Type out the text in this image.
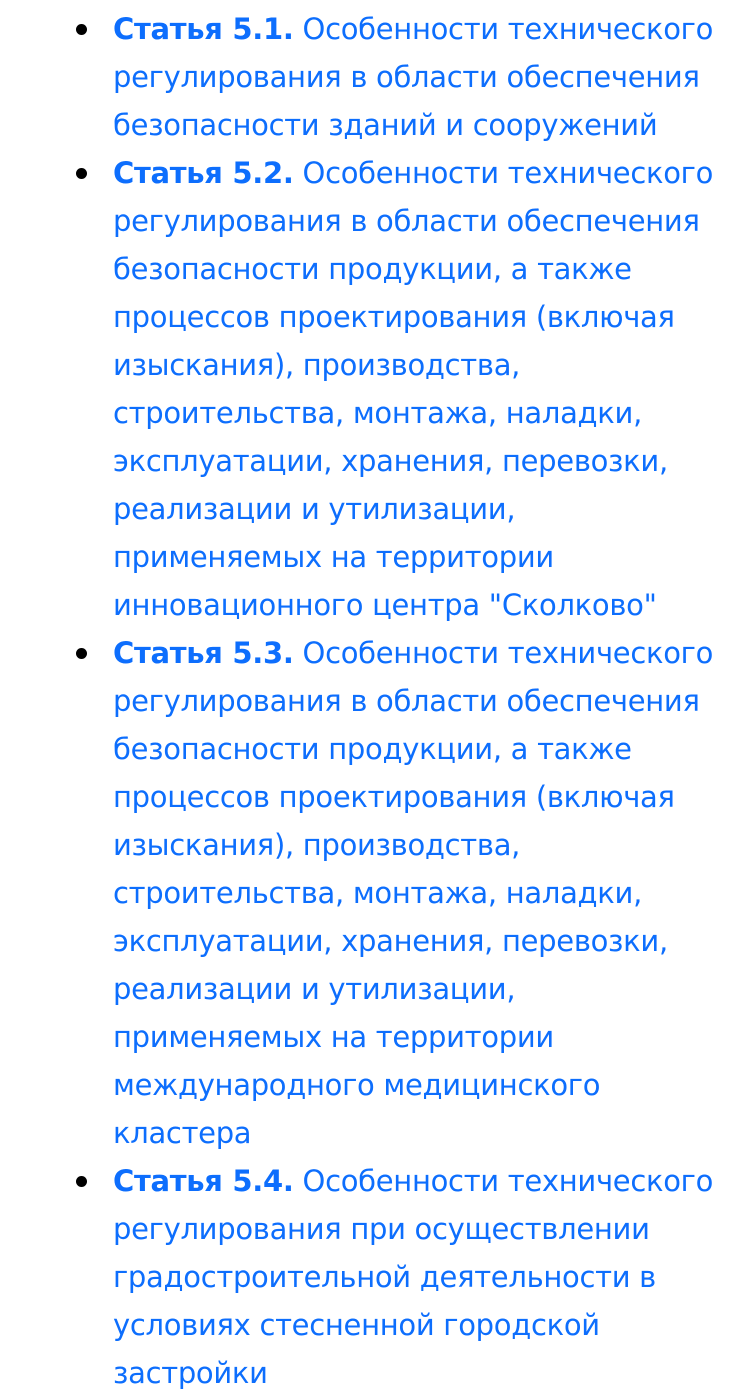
Статья 5.1. Особенности технического регулирования в области обеспечения безопасности зданий и сооружений
Статья 5.2. Особенности технического регулирования в области обеспечения безопасности продукции, а также процессов проектирования (включая изыскания), производства, строительства, монтажа, наладки, эксплуатации, хранения, перевозки, реализации и утилизации, применяемых на территории инновационного центра "Сколково"
Статья 5.3. Особенности технического регулирования в области обеспечения безопасности продукции, а также процессов проектирования (включая изыскания), производства, строительства, монтажа, наладки, эксплуатации, хранения, перевозки, реализации и утилизации, применяемых на территории международного медицинского кластера
Статья 5.4. Особенности технического регулирования при осуществлении градостроительной деятельности в условиях стесненной городской застройки
